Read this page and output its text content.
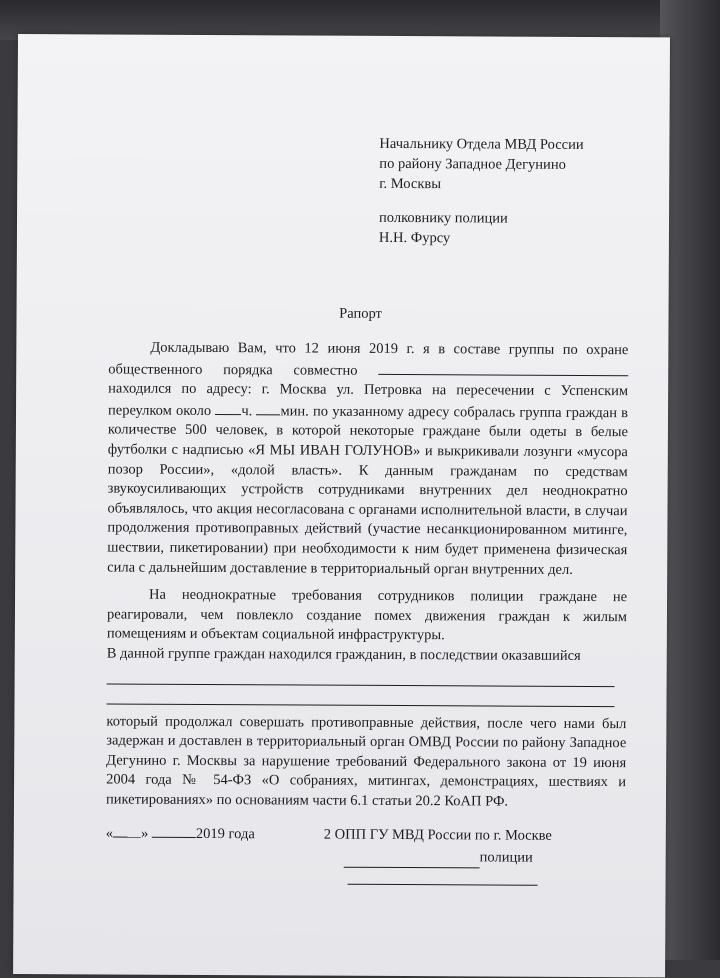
Начальнику Отдела МВД России
по району Западное Дегунино
г. Москвы
полковнику полиции
Н.Н. Фурсу
Рапорт

Докладываю Вам, что 12 июня 2019 г. я в составе группы по охране общественного порядка совместно  находился по адресу: г. Москва ул. Петровка на пересечении с Успенским переулком около ч. мин. по указанному адресу собралась группа граждан в количестве 500 человек, в которой некоторые граждане были одеты в белые футболки с надписью «Я МЫ ИВАН ГОЛУНОВ» и выкрикивали лозунги «мусора позор России», «долой власть». К данным гражданам по средствам звукоусиливающих устройств сотрудниками внутренних дел неоднократно объявлялось, что акция несогласована с органами исполнительной власти, в случаи продолжения противоправных действий (участие несанкционированном митинге, шествии, пикетировании) при необходимости к ним будет применена физическая сила с дальнейшим доставление в территориальный орган внутренних дел.

На неоднократные требования сотрудников полиции граждане не реагировали, чем повлекло создание помех движения граждан к жилым помещениям и объектам социальной инфраструктуры.

В данной группе граждан находился гражданин, в последствии оказавшийся

который продолжал совершать противоправные действия, после чего нами был задержан и доставлен в территориальный орган ОМВД России по району Западное Дегунино г. Москвы за нарушение требований Федерального закона от 19 июня 2004 года № 54-ФЗ «О собраниях, митингах, демонстрациях, шествиях и пикетированиях» по основаниям части 6.1 статьи 20.2 КоАП РФ.

« »	2019 года	2 ОПП ГУ МВД России по г. Москве
полиции
